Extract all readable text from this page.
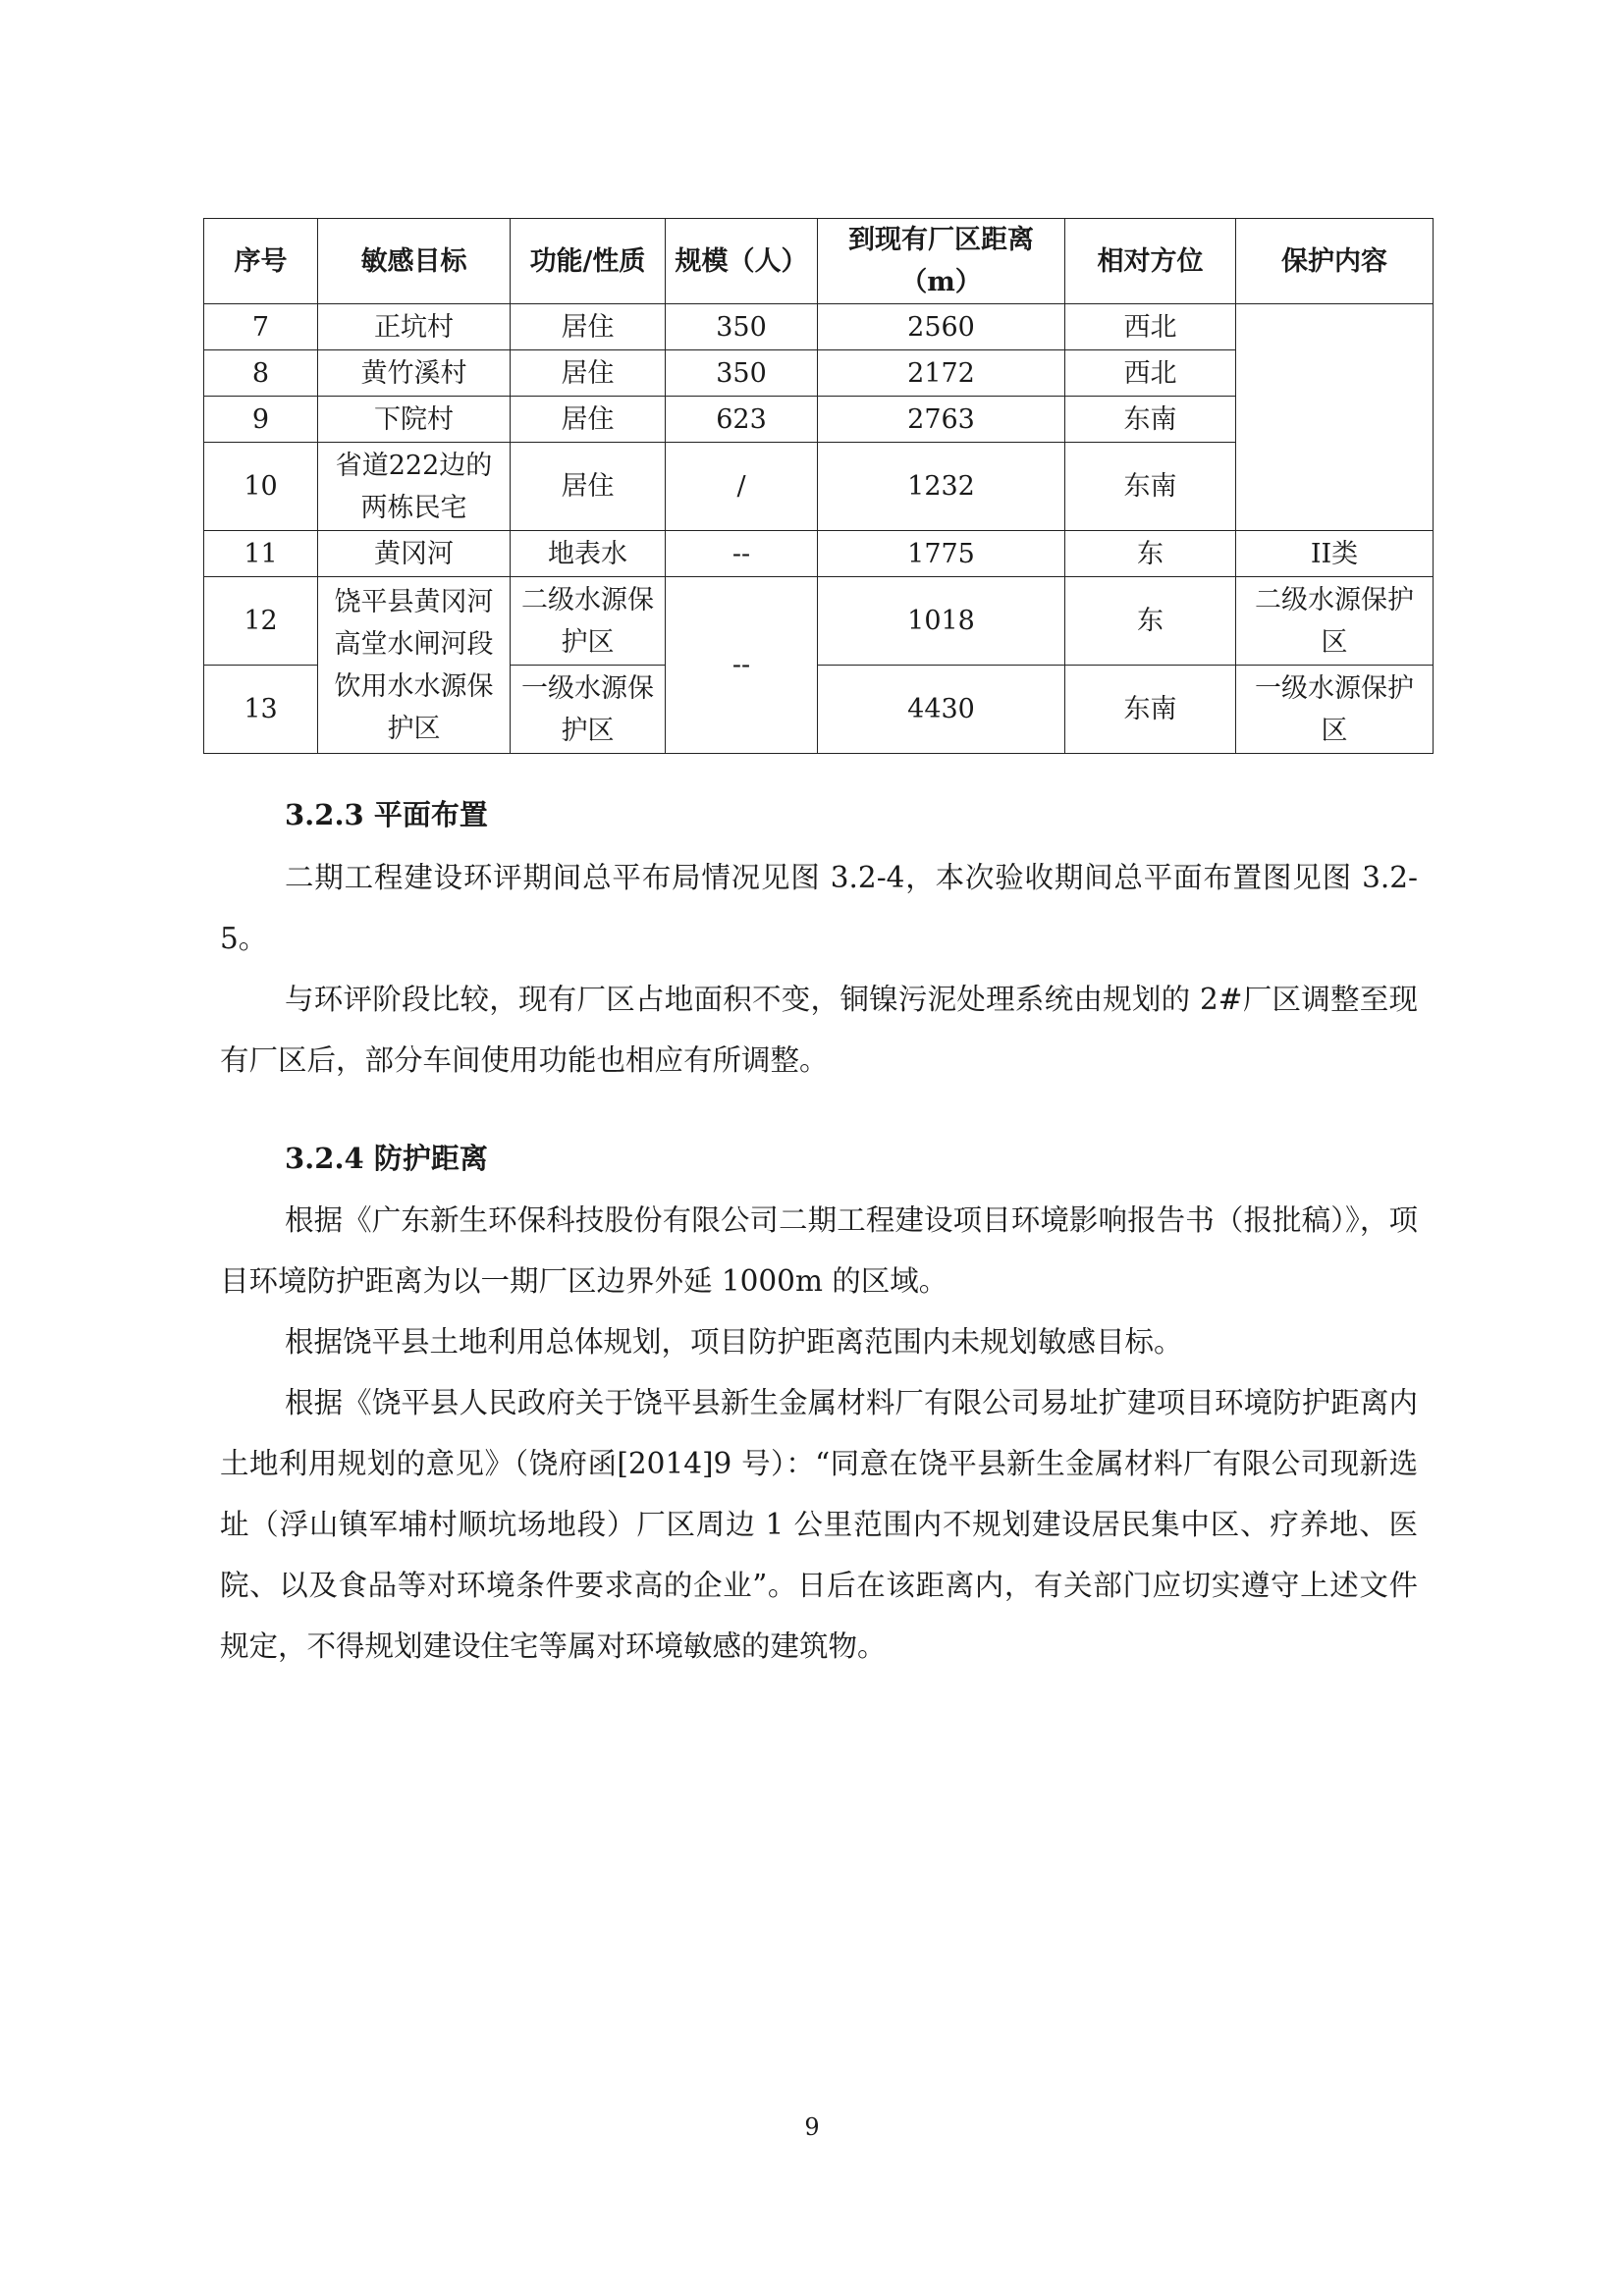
序号	敏感目标	功能/性质	规模（人）	到现有厂区距离（m）	相对方位	保护内容
7	正坑村	居住	350	2560	西北	
8	黄竹溪村	居住	350	2172	西北	
9	下院村	居住	623	2763	东南	
10	省道222边的两栋民宅	居住	/	1232	东南	
11	黄冈河	地表水	--	1775	东	II类
12	饶平县黄冈河高堂水闸河段饮用水水源保护区	二级水源保护区	--	1018	东	二级水源保护区
13		一级水源保护区		4430	东南	一级水源保护区
3.2.3 平面布置

二期工程建设环评期间总平布局情况见图 3.2-4，本次验收期间总平面布置图见图 3.2-5。

与环评阶段比较，现有厂区占地面积不变，铜镍污泥处理系统由规划的 2#厂区调整至现有厂区后，部分车间使用功能也相应有所调整。

3.2.4 防护距离

根据《广东新生环保科技股份有限公司二期工程建设项目环境影响报告书（报批稿）》，项目环境防护距离为以一期厂区边界外延 1000m 的区域。

根据饶平县土地利用总体规划，项目防护距离范围内未规划敏感目标。

根据《饶平县人民政府关于饶平县新生金属材料厂有限公司易址扩建项目环境防护距离内土地利用规划的意见》（饶府函[2014]9 号）：“同意在饶平县新生金属材料厂有限公司现新选址（浮山镇军埔村顺坑场地段）厂区周边 1 公里范围内不规划建设居民集中区、疗养地、医院、以及食品等对环境条件要求高的企业”。日后在该距离内，有关部门应切实遵守上述文件规定，不得规划建设住宅等属对环境敏感的建筑物。

9
